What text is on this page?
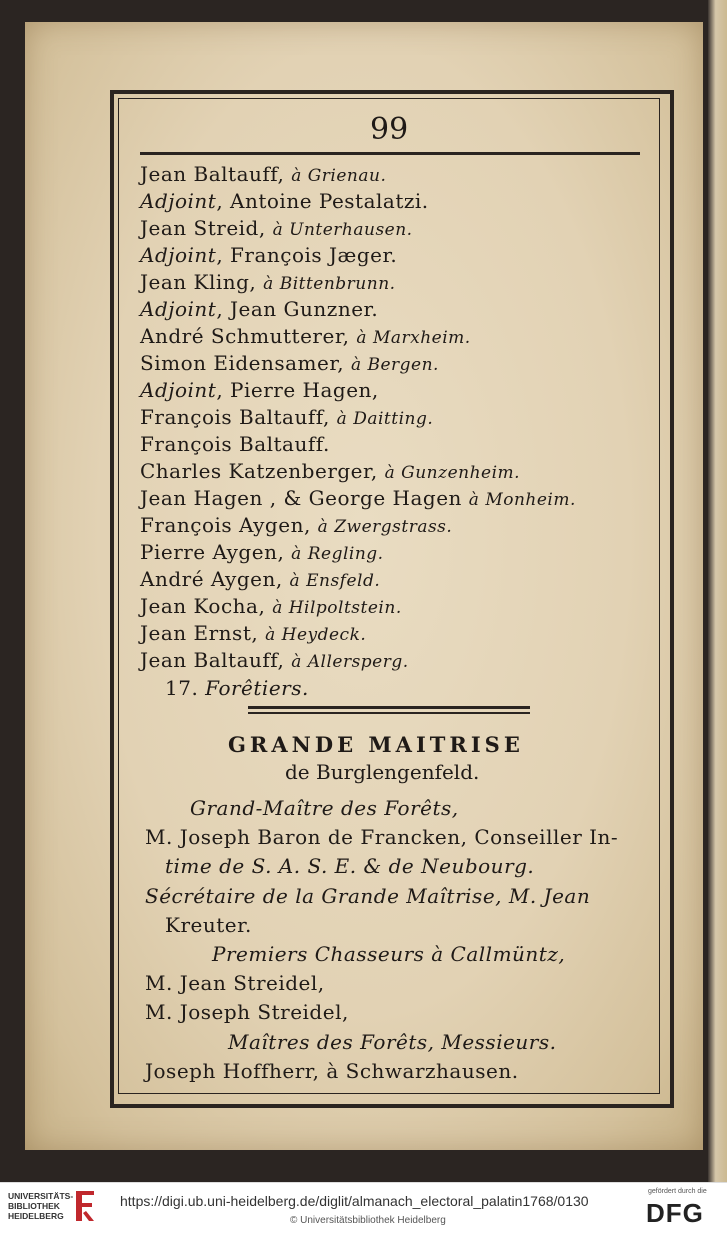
99
Jean Baltauff, à Grienau.
Adjoint, Antoine Pestalatzi.
Jean Streid, à Unterhausen.
Adjoint, François Jæger.
Jean Kling, à Bittenbrunn.
Adjoint, Jean Gunzner.
André Schmutterer, à Marxheim.
Simon Eidensamer, à Bergen.
Adjoint, Pierre Hagen,
François Baltauff, à Daitting.
François Baltauff.
Charles Katzenberger, à Gunzenheim.
Jean Hagen , & George Hagen à Monheim.
François Aygen, à Zwergstrass.
Pierre Aygen, à Regling.
André Aygen, à Ensfeld.
Jean Kocha, à Hilpoltstein.
Jean Ernst, à Heydeck.
Jean Baltauff, à Allersperg.
17. Forêtiers.
GRANDE MAITRISE
de Burglengenfeld.
Grand-Maître des Forêts,
M. Joseph Baron de Francken, Conseiller In-
time de S. A. S. E. & de Neubourg.
Sécrétaire de la Grande Maîtrise, M. Jean
Kreuter.
Premiers Chasseurs à Callmüntz,
M. Jean Streidel,
M. Joseph Streidel,
Maîtres des Forêts, Messieurs.
Joseph Hoffherr, à Schwarzhausen.
UNIVERSITÄTS-
BIBLIOTHEK
HEIDELBERG
https://digi.ub.uni-heidelberg.de/diglit/almanach_electoral_palatin1768/0130
© Universitätsbibliothek Heidelberg
gefördert durch die
DFG
